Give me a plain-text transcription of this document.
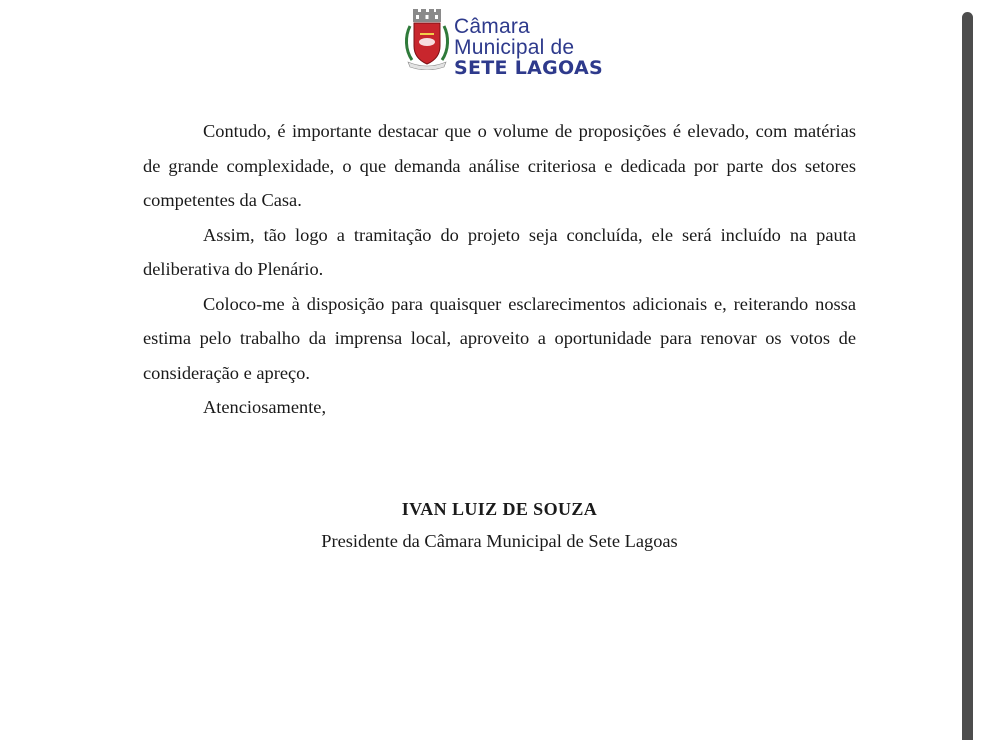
Câmara
Municipal de
SETE LAGOAS

Contudo, é importante destacar que o volume de proposições é elevado, com matérias de grande complexidade, o que demanda análise criteriosa e dedicada por parte dos setores competentes da Casa.

Assim, tão logo a tramitação do projeto seja concluída, ele será incluído na pauta deliberativa do Plenário.

Coloco-me à disposição para quaisquer esclarecimentos adicionais e, reiterando nossa estima pelo trabalho da imprensa local, aproveito a oportunidade para renovar os votos de consideração e apreço.

Atenciosamente,

IVAN LUIZ DE SOUZA
Presidente da Câmara Municipal de Sete Lagoas
